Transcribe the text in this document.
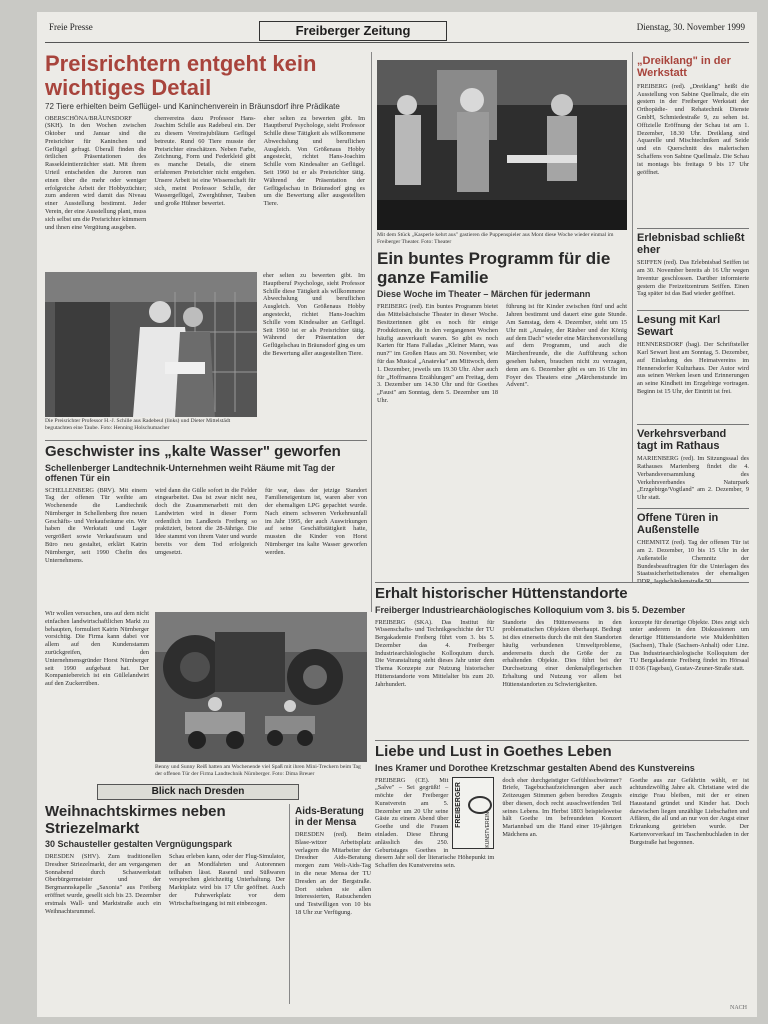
Freie Presse	Freiberger Zeitung	Dienstag, 30. November 1999
Preisrichtern entgeht kein wichtiges Detail
72 Tiere erhielten beim Geflügel- und Kaninchenverein in Bräunsdorf ihre Prädikate

OBERSCHÖNA/BRÄUNSDORF (SKH). In den Wochen zwischen Oktober und Januar sind die Preisrichter für Kaninchen und Geflügel gefragt. Überall finden die örtlichen Präsentationen des Rassekleintierzüchter statt. Mit ihrem Urteil entscheiden die Juroren nun einen über die mehr oder weniger erfolgreiche Arbeit der Hobbyzüchter; zum anderen wird damit das Niveau einer Ausstellung bestimmt. Jeder Verein, der eine Ausstellung plant, muss sich selbst um die Preisrichter kümmern und ihnen eine Vergütung ausgeben.

chenvereins dazu Professor Hans-Joachim Schille aus Radebeul ein. Der zu diesem Vereinsjubiläum Geflügel betreute. Rund 60 Tiere musste der Preisrichter einschätzen. Neben Farbe, Zeichnung, Form und Federkleid gibt es manche Details, die einem erfahrenen Preisrichter nicht entgehen. Unsere Arbeit ist eine Wissenschaft für sich, meint Professor Schille, der Wassergeflügel, Zwerghühner, Tauben und große Hühner bewertet.

eher selten zu bewerten gibt. Im Hauptberuf Psychologe, sieht Professor Schille diese Tätigkeit als willkommene Abwechslung und beruflichen Ausgleich. Von Größenaus Hobby angesteckt, richtet Hans-Joachim Schille vom Kindesalter an Geflügel. Seit 1960 ist er als Preisrichter tätig. Während der Präsentation der Geflügelschau in Bräunsdorf ging es um die Bewertung aller ausgestellten Tiere.

Die Preisrichter Professor H.-J. Schille aus Radebeul (links) und Dieter Mittelstädt begutachten eine Taube. Foto: Henning Holschumacher

eher selten zu bewerten gibt. Im Hauptberuf Psychologe, sieht Professor Schille diese Tätigkeit als willkommene Abwechslung und beruflichen Ausgleich. Von Größenaus Hobby angesteckt, richtet Hans-Joachim Schille vom Kindesalter an Geflügel. Seit 1960 ist er als Preisrichter tätig. Während der Präsentation der Geflügelschau in Bräunsdorf ging es um die Bewertung aller ausgestellten Tiere.

Mit dem Stück „Kasperle kehrt aus" gastieren die Puppenspieler aus Mont diese Woche wieder einmal im Freiberger Theater. Foto: Theater
Ein buntes Programm für die ganze Familie
Diese Woche im Theater – Märchen für jedermann

FREIBERG (red). Ein buntes Programm bietet das Mittelsächsische Theater in dieser Woche. Besitzerinnen gibt es noch für einige Produktionen, die in den vergangenen Wochen häufig ausverkauft waren. So gibt es noch Karten für Hans Falladas „Kleiner Mann, was nun?" im Großen Haus am 30. November, wie für das Musical „Anatevka" am Mittwoch, dem 1. Dezember, jeweils um 19.30 Uhr. Aber auch für „Hoffmanns Erzählungen" am Freitag, dem 3. Dezember um 14.30 Uhr und für Goethes „Faust" am Sonntag, dem 5. Dezember um 18 Uhr.

führung ist für Kinder zwischen fünf und acht Jahren bestimmt und dauert eine gute Stunde. Am Samstag, dem 4. Dezember, steht um 15 Uhr mit „Amaley, der Räuber und der König auf dem Dach" wieder eine Märchenvorstellung auf dem Programm, und auch die Märchenfreunde, die die Aufführung schon gesehen haben, brauchen nicht zu verzagen, denn am 6. Dezember gibt es um 16 Uhr im Foyer des Theaters eine „Märchenstunde im Advent".

„Dreiklang" in der Werkstatt

FREIBERG (red). „Dreiklang" heißt die Ausstellung von Sabine Quellmalz, die ein gestern in der Freiberger Werkstatt der Orthopädie- und Rehatechnik Dienste GmbH, Schmiedestraße 9, zu sehen ist. Offizielle Eröffnung der Schau ist am 1. Dezember, 18.30 Uhr. Dreiklang sind Aquarelle und Mischtechniken auf Seide und ein Querschnitt des malerischen Schaffens von Sabine Quellmalz. Die Schau ist montags bis freitags 9 bis 17 Uhr geöffnet.

Erlebnisbad schließt eher

SEIFFEN (red). Das Erlebnisbad Seiffen ist am 30. November bereits ab 16 Uhr wegen Inventur geschlossen. Darüber informierte gestern die Freizeitzentrum Seiffen. Einen Tag später ist das Bad wieder geöffnet.

Lesung mit Karl Sewart

HENNERSDORF (hag). Der Schriftsteller Karl Sewart liest am Sonntag, 5. Dezember, auf Einladung des Heimatvereins im Hennersdorfer Kulturhaus. Der Autor wird aus seinen Werken lesen und Erinnerungen an seine Kindheit im Erzgebirge vortragen. Beginn ist 15 Uhr, der Eintritt ist frei.

Verkehrsverband tagt im Rathaus

MARIENBERG (red). Im Sitzungssaal des Rathauses Marienberg findet die 4. Verbandsversammlung des Verkehrsverbandes Naturpark „Erzgebirge/Vogtland" am 2. Dezember, 9 Uhr statt.

Offene Türen in Außenstelle

CHEMNITZ (red). Tag der offenen Tür ist am 2. Dezember, 10 bis 15 Uhr in der Außenstelle Chemnitz der Bundesbeauftragten für die Unterlagen des Staatssicherheitsdienstes der ehemaligen

Geschwister ins „kalte Wasser" geworfen
Schellenberger Landtechnik-Unternehmen weiht Räume mit Tag der offenen Tür ein

SCHELLENBERG (BRV). Mit einem Tag der offenen Tür weihte am Wochenende die Landtechnik Nürnberger in Schellenberg ihre neuen Geschäfts- und Verkaufsräume ein. Wir haben die Werkstatt und Lager vergrößert sowie Verkaufsraum und Büro neu gestaltet, erklärt Katrin Nürnberger, seit 1990 Chefin des Unternehmens.

wird dann die Gülle sofort in die Felder eingearbeitet. Das ist zwar nicht neu, doch die Zusammenarbeit mit den Landwirten wird in dieser Form ordentlich im Landkreis Freiberg so praktiziert, betont die 28-Jährige. Die Idee stammt von ihrem Vater und wurde bereits vor dem Tod erfolgreich umgesetzt.

für war, dass der jetzige Standort Familieneigentum ist, waren aber von der ehemaligen LPG gepachtet wurde. Nach einem schweren Verkehrsunfall im Jahr 1995, der auch Auswirkungen auf seine Geschäftstätigkeit hatte, mussten die Kinder von Horst Nürnberger ins kalte Wasser geworfen werden.

Wir wollen versuchen, uns auf dem nicht einfachen landwirtschaftlichen Markt zu behaupten, formuliert Katrin Nürnberger vorsichtig. Die Firma kann dabei vor allem auf den Kundenstamm zurückgreifen, den Unternehmensgründer Horst Nürnberger seit 1990 aufgebaut hat. Der Kompaniebereich ist ein Güllelandwirt auf den Zuckerrüben.

Benny und Sunny Reiß hatten am Wochenende viel Spaß mit ihren Mini-Treckern beim Tag der offenen Tür der Firma Landtechnik Nürnberger. Foto: Dima Breuer
Erhalt historischer Hüttenstandorte
Freiberger Industriearchäologisches Kolloquium vom 3. bis 5. Dezember

FREIBERG (SKA). Das Institut für Wissenschafts- und Technikgeschichte der TU Bergakademie Freiberg führt vom 3. bis 5. Dezember das 4. Freiberger Industriearchäologische Kolloquium durch. Die Veranstaltung steht dieses Jahr unter dem Thema Konzepte zur Nutzung historischer Hüttenstandorte vom Mittelalter bis zum 20. Jahrhundert.

Standorte des Hüttenwesens in den problematischen Objekten überhaupt. Bedingt ist dies einerseits durch die mit den Standorten häufig verbundenen Umweltprobleme, andererseits durch die Größe der zu erhaltenden Objekte. Dies führt bei der Durchsetzung einer denkmalpflegerischen Erhaltung und Nutzung vor allem bei Hüttenstandorten zu Schwierigkeiten.

konzepte für derartige Objekte. Dies zeigt sich unter anderem in den Diskussionen um derartige Hüttenstandorte wie Muldenhütten (Sachsen), Thale (Sachsen-Anhalt) oder Linz. Das Industriearchäologische Kolloquium der TU Bergakademie Freiberg findet im Hörsaal II 036 (Tagebau), Gustav-Zeuner-Straße statt.

Liebe und Lust in Goethes Leben
Ines Kramer und Dorothee Kretzschmar gestalten Abend des Kunstvereins
FREIBERGER
KUNSTVEREIN

FREIBERG (CE). Mit „Salve" – Sei gegrüßt! – möchte der Freiberger Kunstverein am 5. Dezember um 20 Uhr seine Gäste zu einem Abend über Goethe und die Frauen einladen. Diese Ehrung anlässlich des 250. Geburtstages Goethes in diesem Jahr soll der literarische Höhepunkt im Schaffen des Kunstvereins sein.

doch eher durchgeistigter Gefühlsschwärmer? Briefe, Tagebuchaufzeichnungen aber auch Zeitzeugen Stimmen geben beredtes Zeugnis über diesen, doch recht ausschweifenden Teil seines Lebens. Im Herbst 1803 beispielsweise hält Goethe im befreundeten Konzert Mariannbad um die Hand einer 19-jährigen Mädchens an.

Goethe aus zur Gefährtin wählt, er ist achtundzwölfig Jahre alt. Christiane wird die einzige Frau bleiben, mit der er einen Hausstand gründet und Kinder hat. Doch dazwischen liegen unzählige Liebschaften und Affären, die all und an nur von der Angst einer Erkrankung getrieben wurde. Der Kartenvorverkauf im Taschenbuchladen in der Burgstraße hat begonnen.

Blick nach Dresden
Weihnachtskirmes neben Striezelmarkt
30 Schausteller gestalten Vergnügungspark

DRESDEN (SHV). Zum traditionellen Dresdner Striezelmarkt, der am vergangenen Sonnabend durch Schauwerkstatt Oberbürgermeister und der Bergmannskapelle „Saxonia" aus Freiberg eröffnet wurde, gesellt sich bis 23. Dezember erstmals Wall- und Marktstraße auch ein Weihnachtsrummel.

Schau erleben kann, oder der Flug-Simulator, der an Mondfahrten und Autorennen teilhaben lässt. Rasend und Süßwaren versprechen gleichzeitig Unterhaltung. Der Marktplatz wird bis 17 Uhr geöffnet. Auch der Fuhrwerkplatz vor dem Wirtschaftseingang ist mit einbezogen.

Aids-Beratung in der Mensa

DRESDEN (red). Beim Blase-witzer Arbeitsplatz verlagern die Mitarbeiter der Dresdner Aids-Beratung morgen zum Welt-Aids-Tag in die neue Mensa der TU Dresden an der Bergstraße. Dort stehen sie allen Interessierten, Ratsuchenden und Testwilligen von 10 bis 18 Uhr zur Verfügung.

NACH
